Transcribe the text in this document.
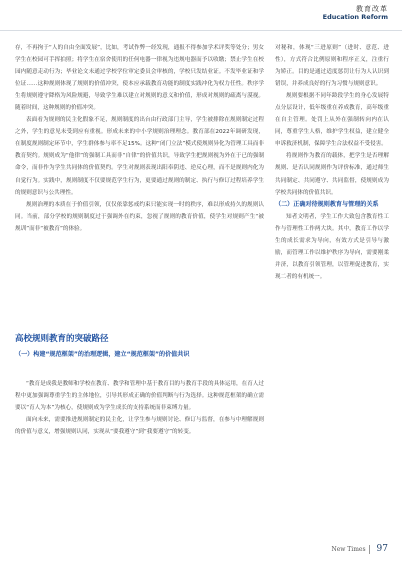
教育改革
Education Reform

存，不再拘于“人的自由全面发展”，比如，考试作弊一经发现，通报不得参加学术评奖等处分；男女学生在校园可手挥拍照；将学生在宿舍使用的任何电器一律视为违规电器而予以收缴；禁止学生在校园内随意走动行为；毕业论文未通过学校学位审定委员会审核的，学校只发结业证。不发毕业证和学位证……这种规则体现了规则的价值冲突，使本应承载教育功能的制度实践冲化为权力任性。秩序学生将规则遵守降格为风险规避，导致学生难以建立对规则的意义和价值，形成对规则的疏离与漠视。随着时间，这种规则的价值冲突。

表面看为规则的民主化假象不足，规则制度的出台由行政部门主导，学生被排除在规则制定过程之外，学生的意见未受到应有重视。形成未来的中小学规则治理理念。教育部在2022年调研发现，在制度规则制定环节中，学生群体参与率不足15%。这种“闭门立法”模式使规则异化为管理工具而非教育契约。规则成为“他律”的强制工具而非“自律”的价值共识，导致学生把规则视为外在于已的强制命令，而非作为学生共同体的价值契约。学生对规则表现出阳奉阴违、逆反心理，而不是规则内化为自觉行为。实践中，规则制度不仅要规范学生行为，更要通过规则的制定、执行与修订过程培养学生的规则意识与公共理性。

规则治理的本质在于价值引领，仅仅依靠惩戒约束只能实现一时的秩序，难以形成持久的规则认同。当前，部分学校的规则制度过于强调外在约束，忽视了规则的教育价值，使学生对规则产生“被规训”而非“被教育”的体验。

高校规则教育的突破路径
（一）构建“规范框架”的治理逻辑，建立“规范框架”的价值共识

“教育是成我是教师和学校在教育、教学和管理中基于教育目的与教育手段的具体运用，在育人过程中更加强调尊重学生的主体地位，引导其形成正确的价值判断与行为选择。这种规范框架的确立需要以“育人为本”为核心，使规则成为学生成长的支持系统而非束缚力量。

面向未来，需要推进规则制定的民主化，让学生参与规则讨论、修订与监督，在参与中理解规则的价值与意义，增强规则认同，实现从“要我遵守”到“我要遵守”的转变。

对秘和，体现“三进原则”（进时、意范、进性），方式符合比例原则和程序正义，注重行为矫正。目的是通过适度惩罚让行为人认识到错误，并养成良好的行为习惯与规则意识。

规则要根据不同年龄段学生的身心发展特点分层设计，低年级重在养成教育，高年级重在自主管理。处罚上从外在强制转向内在认同，尊重学生人格，维护学生权益，建立健全申诉救济机制，保障学生合法权益不受侵害。

将规则作为教育的载体，把学生是否理解规则、是否认同规则作为评价标准，通过师生共同制定、共同遵守、共同监督，使规则成为学校共同体的价值共识。

（二）正确对待规则教育与管理的关系

知者文明者，学生工作大致包含教育性工作与管理性工作两大块。其中，教育工作以学生的成长需求为导向，有效方式是引导与激励，而管理工作以维护秩序为导向，需要刚柔并济，以教育引领管理，以管理促进教育，实现二者的有机统一。

New Times 97
